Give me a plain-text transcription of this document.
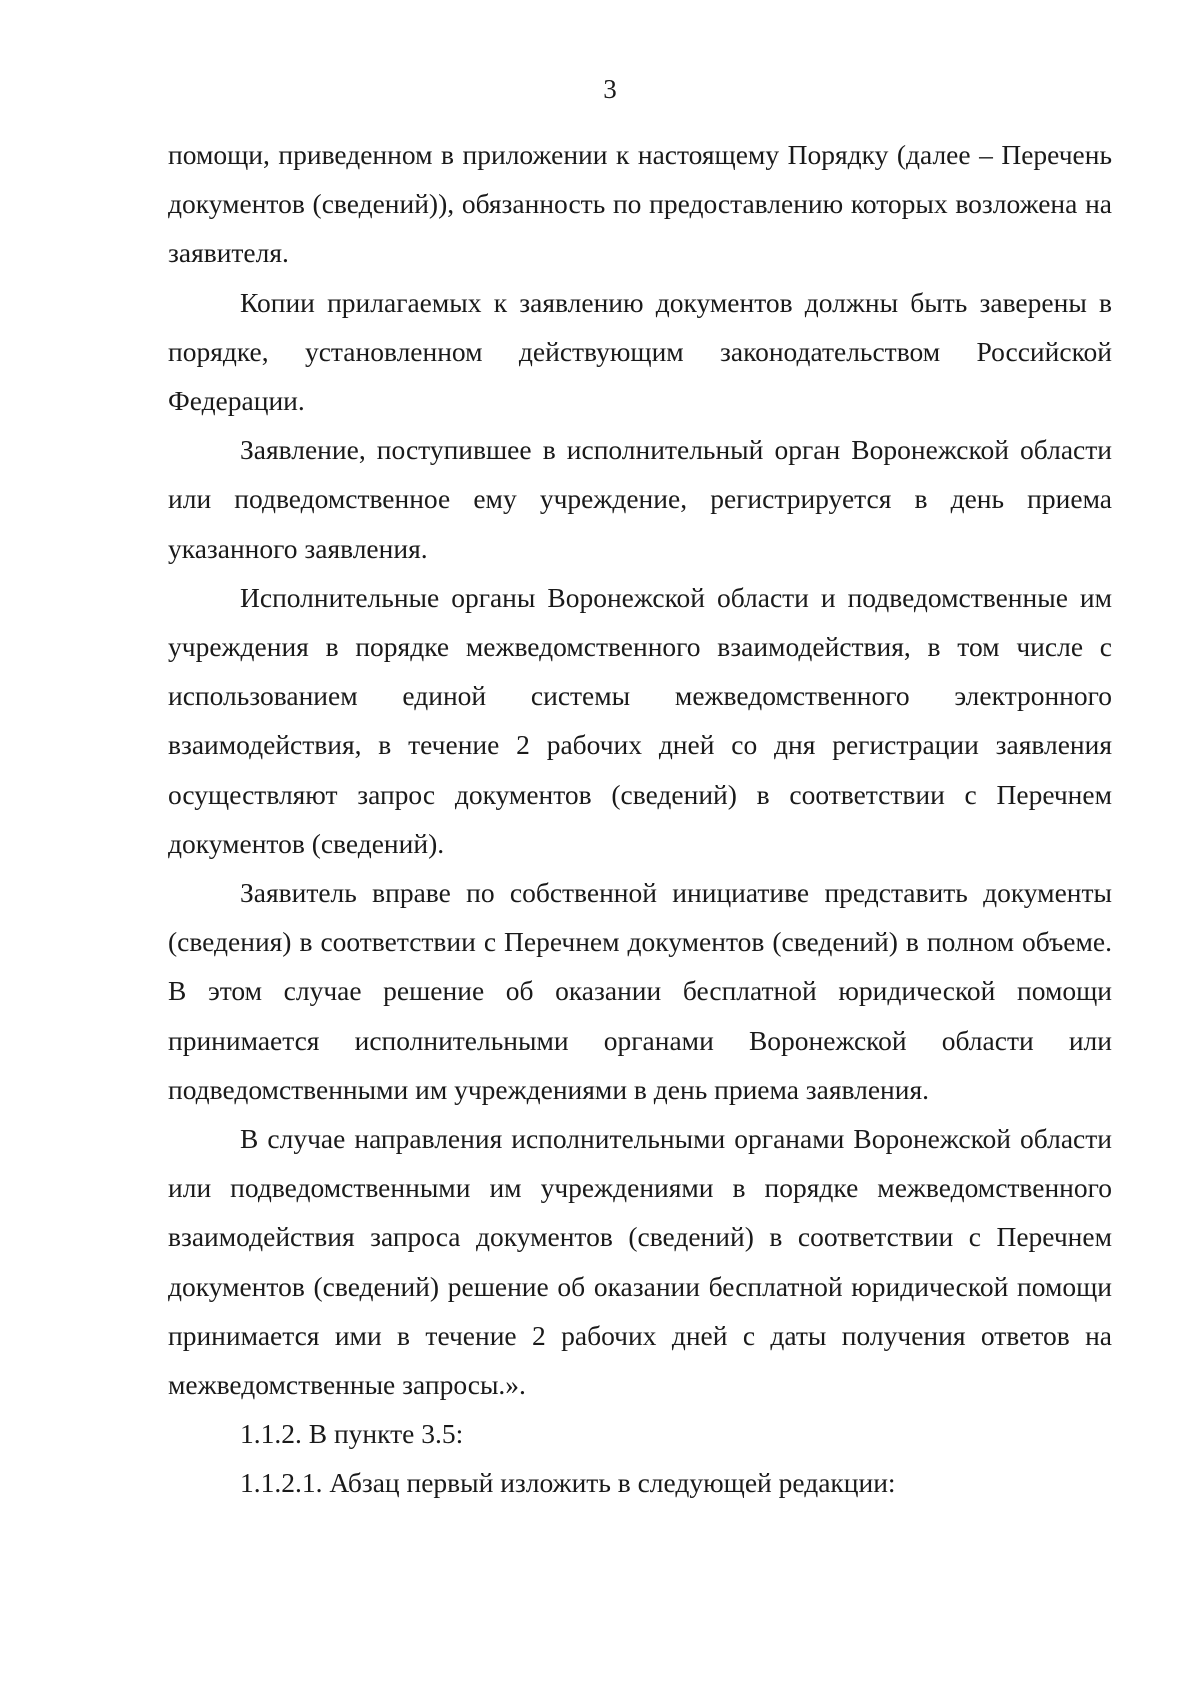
3

помощи, приведенном в приложении к настоящему Порядку (далее – Перечень документов (сведений)), обязанность по предоставлению которых возложена на заявителя.

Копии прилагаемых к заявлению документов должны быть заверены в порядке, установленном действующим законодательством Российской Федерации.

Заявление, поступившее в исполнительный орган Воронежской области или подведомственное ему учреждение, регистрируется в день приема указанного заявления.

Исполнительные органы Воронежской области и подведомственные им учреждения в порядке межведомственного взаимодействия, в том числе с использованием единой системы межведомственного электронного взаимодействия, в течение 2 рабочих дней со дня регистрации заявления осуществляют запрос документов (сведений) в соответствии с Перечнем документов (сведений).

Заявитель вправе по собственной инициативе представить документы (сведения) в соответствии с Перечнем документов (сведений) в полном объеме. В этом случае решение об оказании бесплатной юридической помощи принимается исполнительными органами Воронежской области или подведомственными им учреждениями в день приема заявления.

В случае направления исполнительными органами Воронежской области или подведомственными им учреждениями в порядке межведомственного взаимодействия запроса документов (сведений) в соответствии с Перечнем документов (сведений) решение об оказании бесплатной юридической помощи принимается ими в течение 2 рабочих дней с даты получения ответов на межведомственные запросы.».

1.1.2. В пункте 3.5:

1.1.2.1. Абзац первый изложить в следующей редакции:
